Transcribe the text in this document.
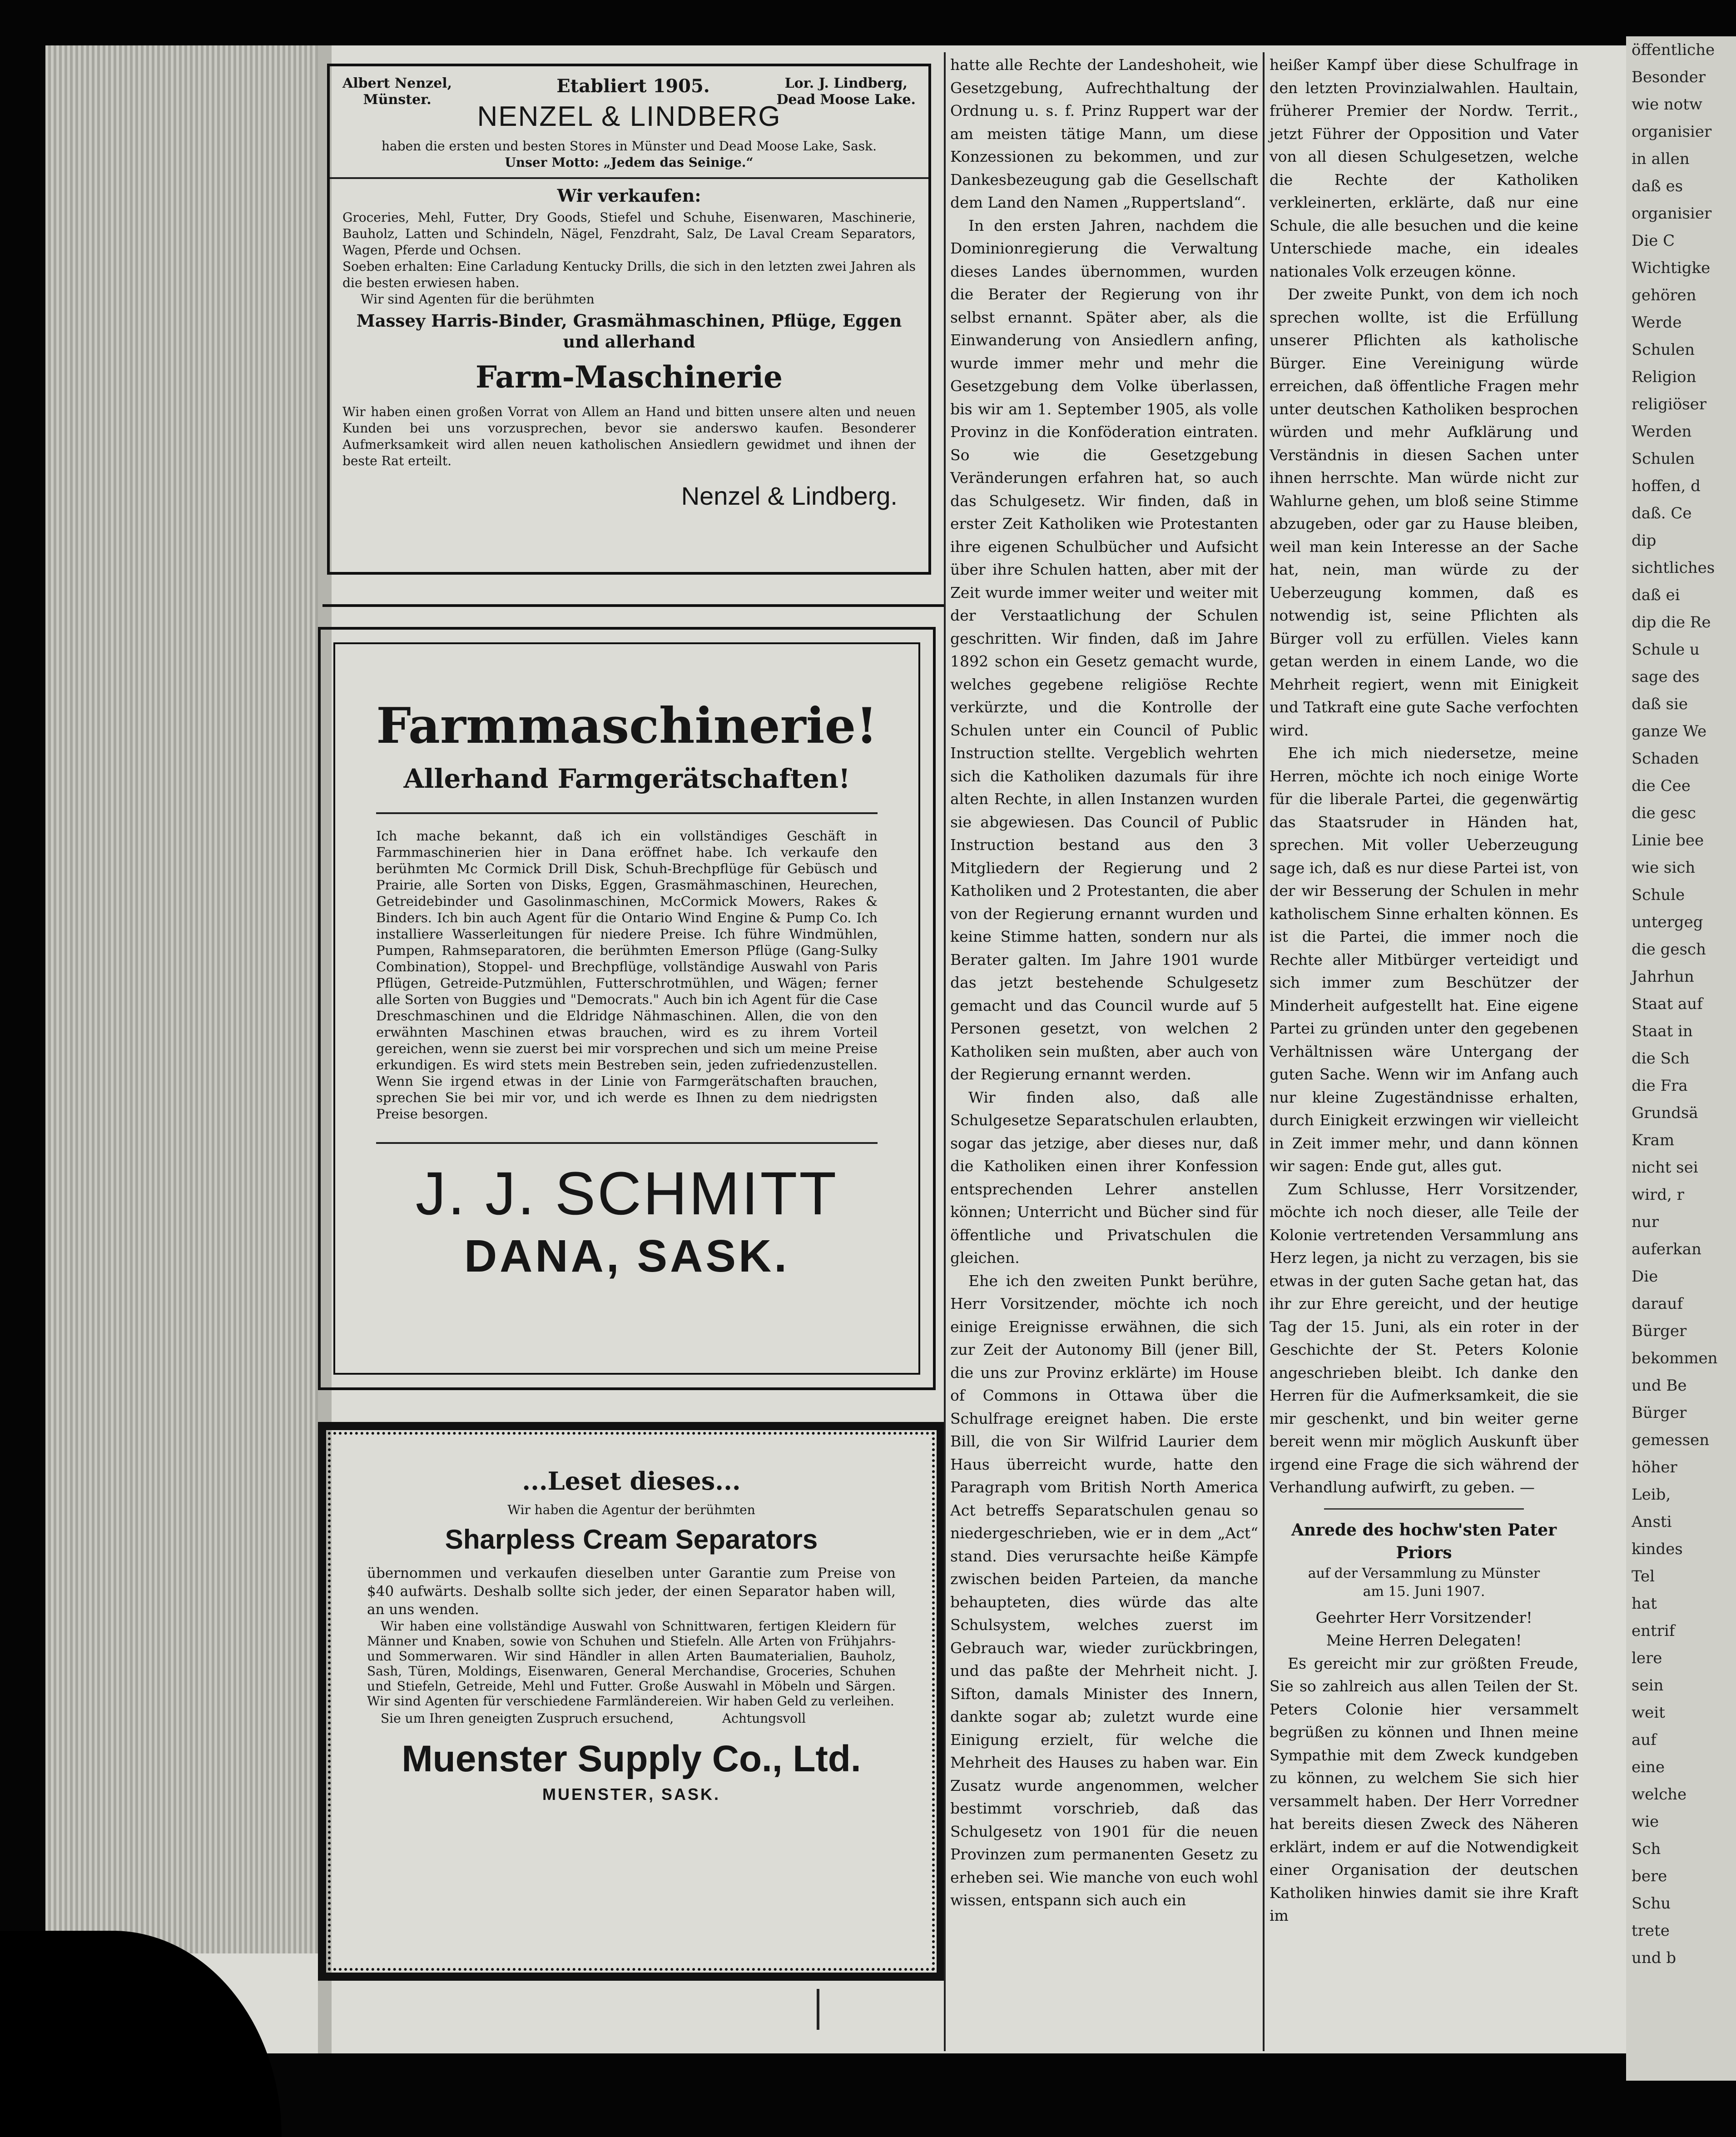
Albert Nenzel,
Münster.
Etabliert 1905.	Lor. J. Lindberg,
Dead Moose Lake.
NENZEL & LINDBERG
haben die ersten und besten Stores in Münster und Dead Moose Lake, Sask.
Unser Motto: „Jedem das Seinige.“
Wir verkaufen:
Groceries, Mehl, Futter, Dry Goods, Stiefel und Schuhe, Eisenwaren, Maschinerie, Bauholz, Latten und Schindeln, Nägel, Fenzdraht, Salz, De Laval Cream Separators, Wagen, Pferde und Ochsen.
Soeben erhalten: Eine Carladung Kentucky Drills, die sich in den letzten zwei Jahren als die besten erwiesen haben.
Wir sind Agenten für die berühmten
Massey Harris-Binder, Grasmähmaschinen, Pflüge, Eggen und allerhand
Farm-Maschinerie
Wir haben einen großen Vorrat von Allem an Hand und bitten unsere alten und neuen Kunden bei uns vorzusprechen, bevor sie anderswo kaufen. Besonderer Aufmerksamkeit wird allen neuen katholischen Ansiedlern gewidmet und ihnen der beste Rat erteilt.
Nenzel & Lindberg.
Farmmaschinerie!
Allerhand Farmgerätschaften!
Ich mache bekannt, daß ich ein vollständiges Geschäft in Farmmaschinerien hier in Dana eröffnet habe. Ich verkaufe den berühmten Mc Cormick Drill Disk, Schuh-Brechpflüge für Gebüsch und Prairie, alle Sorten von Disks, Eggen, Grasmähmaschinen, Heurechen, Getreidebinder und Gasolinmaschinen, McCormick Mowers, Rakes & Binders. Ich bin auch Agent für die Ontario Wind Engine & Pump Co. Ich installiere Wasserleitungen für niedere Preise. Ich führe Windmühlen, Pumpen, Rahmseparatoren, die berühmten Emerson Pflüge (Gang-Sulky Combination), Stoppel- und Brechpflüge, vollständige Auswahl von Paris Pflügen, Getreide-Putzmühlen, Futterschrotmühlen, und Wägen; ferner alle Sorten von Buggies und "Democrats." Auch bin ich Agent für die Case Dreschmaschinen und die Eldridge Nähmaschinen. Allen, die von den erwähnten Maschinen etwas brauchen, wird es zu ihrem Vorteil gereichen, wenn sie zuerst bei mir vorsprechen und sich um meine Preise erkundigen. Es wird stets mein Bestreben sein, jeden zufriedenzustellen. Wenn Sie irgend etwas in der Linie von Farmgerätschaften brauchen, sprechen Sie bei mir vor, und ich werde es Ihnen zu dem niedrigsten Preise besorgen.
J. J. SCHMITT
DANA, SASK.
...Leset dieses...
Wir haben die Agentur der berühmten
Sharpless Cream Separators
übernommen und verkaufen dieselben unter Garantie zum Preise von $40 aufwärts. Deshalb sollte sich jeder, der einen Separator haben will, an uns wenden.
Wir haben eine vollständige Auswahl von Schnittwaren, fertigen Kleidern für Männer und Knaben, sowie von Schuhen und Stiefeln. Alle Arten von Frühjahrs- und Sommerwaren. Wir sind Händler in allen Arten Baumaterialien, Bauholz, Sash, Türen, Moldings, Eisenwaren, General Merchandise, Groceries, Schuhen und Stiefeln, Getreide, Mehl und Futter. Große Auswahl in Möbeln und Särgen. Wir sind Agenten für verschiedene Farmländereien. Wir haben Geld zu verleihen.
Sie um Ihren geneigten Zuspruch ersuchend,            Achtungsvoll
Muenster Supply Co., Ltd.
MUENSTER, SASK.

hatte alle Rechte der Landeshoheit, wie Gesetzgebung, Aufrechthaltung der Ordnung u. s. f. Prinz Ruppert war der am meisten tätige Mann, um diese Konzessionen zu bekommen, und zur Dankesbezeugung gab die Gesellschaft dem Land den Namen „Ruppertsland“.

In den ersten Jahren, nachdem die Dominionregierung die Verwaltung dieses Landes übernommen, wurden die Berater der Regierung von ihr selbst ernannt. Später aber, als die Einwanderung von Ansiedlern anfing, wurde immer mehr und mehr die Gesetzgebung dem Volke überlassen, bis wir am 1. September 1905, als volle Provinz in die Konföderation eintraten. So wie die Gesetzgebung Veränderungen erfahren hat, so auch das Schulgesetz. Wir finden, daß in erster Zeit Katholiken wie Protestanten ihre eigenen Schulbücher und Aufsicht über ihre Schulen hatten, aber mit der Zeit wurde immer weiter und weiter mit der Verstaatlichung der Schulen geschritten. Wir finden, daß im Jahre 1892 schon ein Gesetz gemacht wurde, welches gegebene religiöse Rechte verkürzte, und die Kontrolle der Schulen unter ein Council of Public Instruction stellte. Vergeblich wehrten sich die Katholiken dazumals für ihre alten Rechte, in allen Instanzen wurden sie abgewiesen. Das Council of Public Instruction bestand aus den 3 Mitgliedern der Regierung und 2 Katholiken und 2 Protestanten, die aber von der Regierung ernannt wurden und keine Stimme hatten, sondern nur als Berater galten. Im Jahre 1901 wurde das jetzt bestehende Schulgesetz gemacht und das Council wurde auf 5 Personen gesetzt, von welchen 2 Katholiken sein mußten, aber auch von der Regierung ernannt werden.

Wir finden also, daß alle Schulgesetze Separatschulen erlaubten, sogar das jetzige, aber dieses nur, daß die Katholiken einen ihrer Konfession entsprechenden Lehrer anstellen können; Unterricht und Bücher sind für öffentliche und Privatschulen die gleichen.

Ehe ich den zweiten Punkt berühre, Herr Vorsitzender, möchte ich noch einige Ereignisse erwähnen, die sich zur Zeit der Autonomy Bill (jener Bill, die uns zur Provinz erklärte) im House of Commons in Ottawa über die Schulfrage ereignet haben. Die erste Bill, die von Sir Wilfrid Laurier dem Haus überreicht wurde, hatte den Paragraph vom British North America Act betreffs Separatschulen genau so niedergeschrieben, wie er in dem „Act“ stand. Dies verursachte heiße Kämpfe zwischen beiden Parteien, da manche behaupteten, dies würde das alte Schulsystem, welches zuerst im Gebrauch war, wieder zurückbringen, und das paßte der Mehrheit nicht. J. Sifton, damals Minister des Innern, dankte sogar ab; zuletzt wurde eine Einigung erzielt, für welche die Mehrheit des Hauses zu haben war. Ein Zusatz wurde angenommen, welcher bestimmt vorschrieb, daß das Schulgesetz von 1901 für die neuen Provinzen zum permanenten Gesetz zu erheben sei. Wie manche von euch wohl wissen, entspann sich auch ein

heißer Kampf über diese Schulfrage in den letzten Provinzialwahlen. Haultain, früherer Premier der Nordw. Territ., jetzt Führer der Opposition und Vater von all diesen Schulgesetzen, welche die Rechte der Katholiken verkleinerten, erklärte, daß nur eine Schule, die alle besuchen und die keine Unterschiede mache, ein ideales nationales Volk erzeugen könne.

Der zweite Punkt, von dem ich noch sprechen wollte, ist die Erfüllung unserer Pflichten als katholische Bürger. Eine Vereinigung würde erreichen, daß öffentliche Fragen mehr unter deutschen Katholiken besprochen würden und mehr Aufklärung und Verständnis in diesen Sachen unter ihnen herrschte. Man würde nicht zur Wahlurne gehen, um bloß seine Stimme abzugeben, oder gar zu Hause bleiben, weil man kein Interesse an der Sache hat, nein, man würde zu der Ueberzeugung kommen, daß es notwendig ist, seine Pflichten als Bürger voll zu erfüllen. Vieles kann getan werden in einem Lande, wo die Mehrheit regiert, wenn mit Einigkeit und Tatkraft eine gute Sache verfochten wird.

Ehe ich mich niedersetze, meine Herren, möchte ich noch einige Worte für die liberale Partei, die gegenwärtig das Staatsruder in Händen hat, sprechen. Mit voller Ueberzeugung sage ich, daß es nur diese Partei ist, von der wir Besserung der Schulen in mehr katholischem Sinne erhalten können. Es ist die Partei, die immer noch die Rechte aller Mitbürger verteidigt und sich immer zum Beschützer der Minderheit aufgestellt hat. Eine eigene Partei zu gründen unter den gegebenen Verhältnissen wäre Untergang der guten Sache. Wenn wir im Anfang auch nur kleine Zugeständnisse erhalten, durch Einigkeit erzwingen wir vielleicht in Zeit immer mehr, und dann können wir sagen: Ende gut, alles gut.

Zum Schlusse, Herr Vorsitzender, möchte ich noch dieser, alle Teile der Kolonie vertretenden Versammlung ans Herz legen, ja nicht zu verzagen, bis sie etwas in der guten Sache getan hat, das ihr zur Ehre gereicht, und der heutige Tag der 15. Juni, als ein roter in der Geschichte der St. Peters Kolonie angeschrieben bleibt. Ich danke den Herren für die Aufmerksamkeit, die sie mir geschenkt, und bin weiter gerne bereit wenn mir möglich Auskunft über irgend eine Frage die sich während der Verhandlung aufwirft, zu geben. —

Anrede des hochw'sten Pater Priors
auf der Versammlung zu Münster
am 15. Juni 1907.
Geehrter Herr Vorsitzender!
Meine Herren Delegaten!

Es gereicht mir zur größten Freude, Sie so zahlreich aus allen Teilen der St. Peters Colonie hier versammelt begrüßen zu können und Ihnen meine Sympathie mit dem Zweck kundgeben zu können, zu welchem Sie sich hier versammelt haben. Der Herr Vorredner hat bereits diesen Zweck des Näheren erklärt, indem er auf die Notwendigkeit einer Organisation der deutschen Katholiken hinwies damit sie ihre Kraft im

öffentliche
Besonder
wie notw
organisier
in allen
daß es
organisier
Die C
Wichtigke
gehören
Werde
Schulen
Religion
religiöser
Werden
Schulen
hoffen, d
daß. Ce
dip
sichtliches
daß ei
dip die Re
Schule u
sage des
daß sie
ganze We
Schaden
die Cee
die gesc
Linie bee
wie sich
Schule
untergeg
die gesch
Jahrhun
Staat auf
Staat in
die Sch
die Fra
Grundsä
Kram
nicht sei
wird, r
nur
auferkan
Die
darauf
Bürger
bekommen
und Be
Bürger
gemessen
höher
Leib,
Ansti
kindes
Tel
hat
entrif
lere
sein
weit
auf
eine
welche
wie
Sch
bere
Schu
trete
und b
